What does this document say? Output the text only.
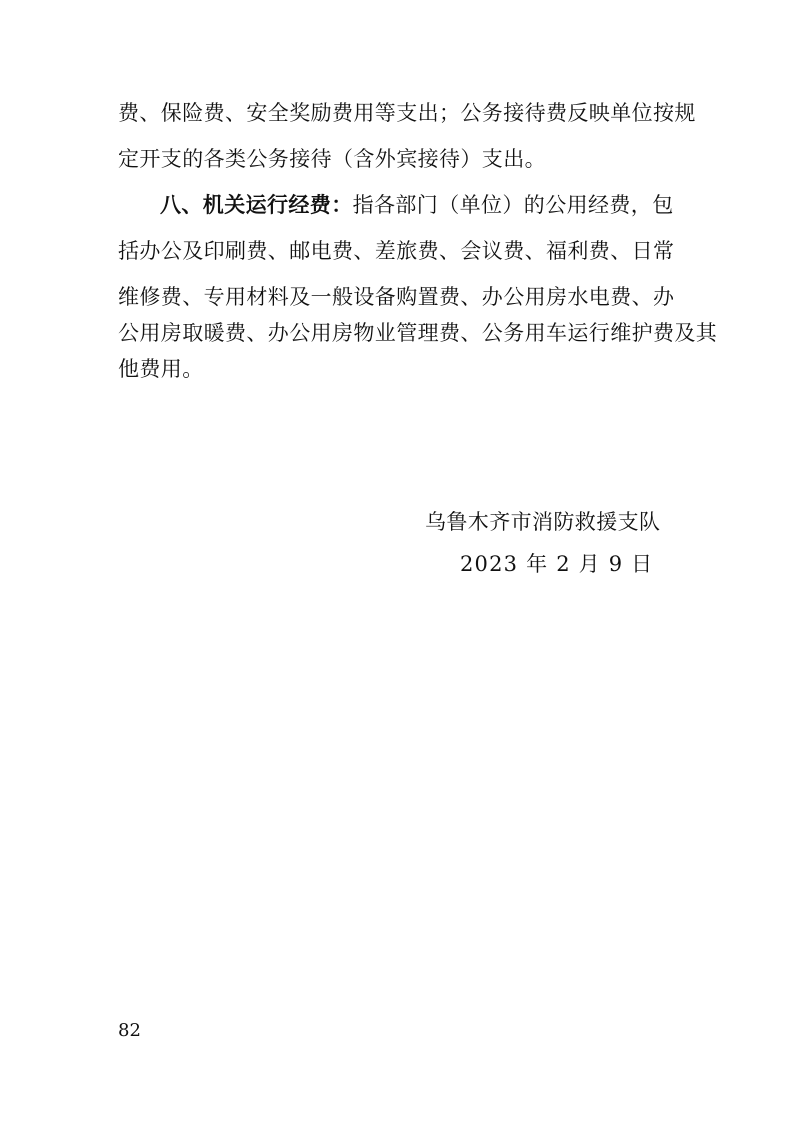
费、保险费、安全奖励费用等支出；公务接待费反映单位按规
定开支的各类公务接待（含外宾接待）支出。
八、机关运行经费：指各部门（单位）的公用经费，包
括办公及印刷费、邮电费、差旅费、会议费、福利费、日常
维修费、专用材料及一般设备购置费、办公用房水电费、办
公用房取暖费、办公用房物业管理费、公务用车运行维护费及其
他费用。
乌鲁木齐市消防救援支队
2023 年 2 月 9 日
82
